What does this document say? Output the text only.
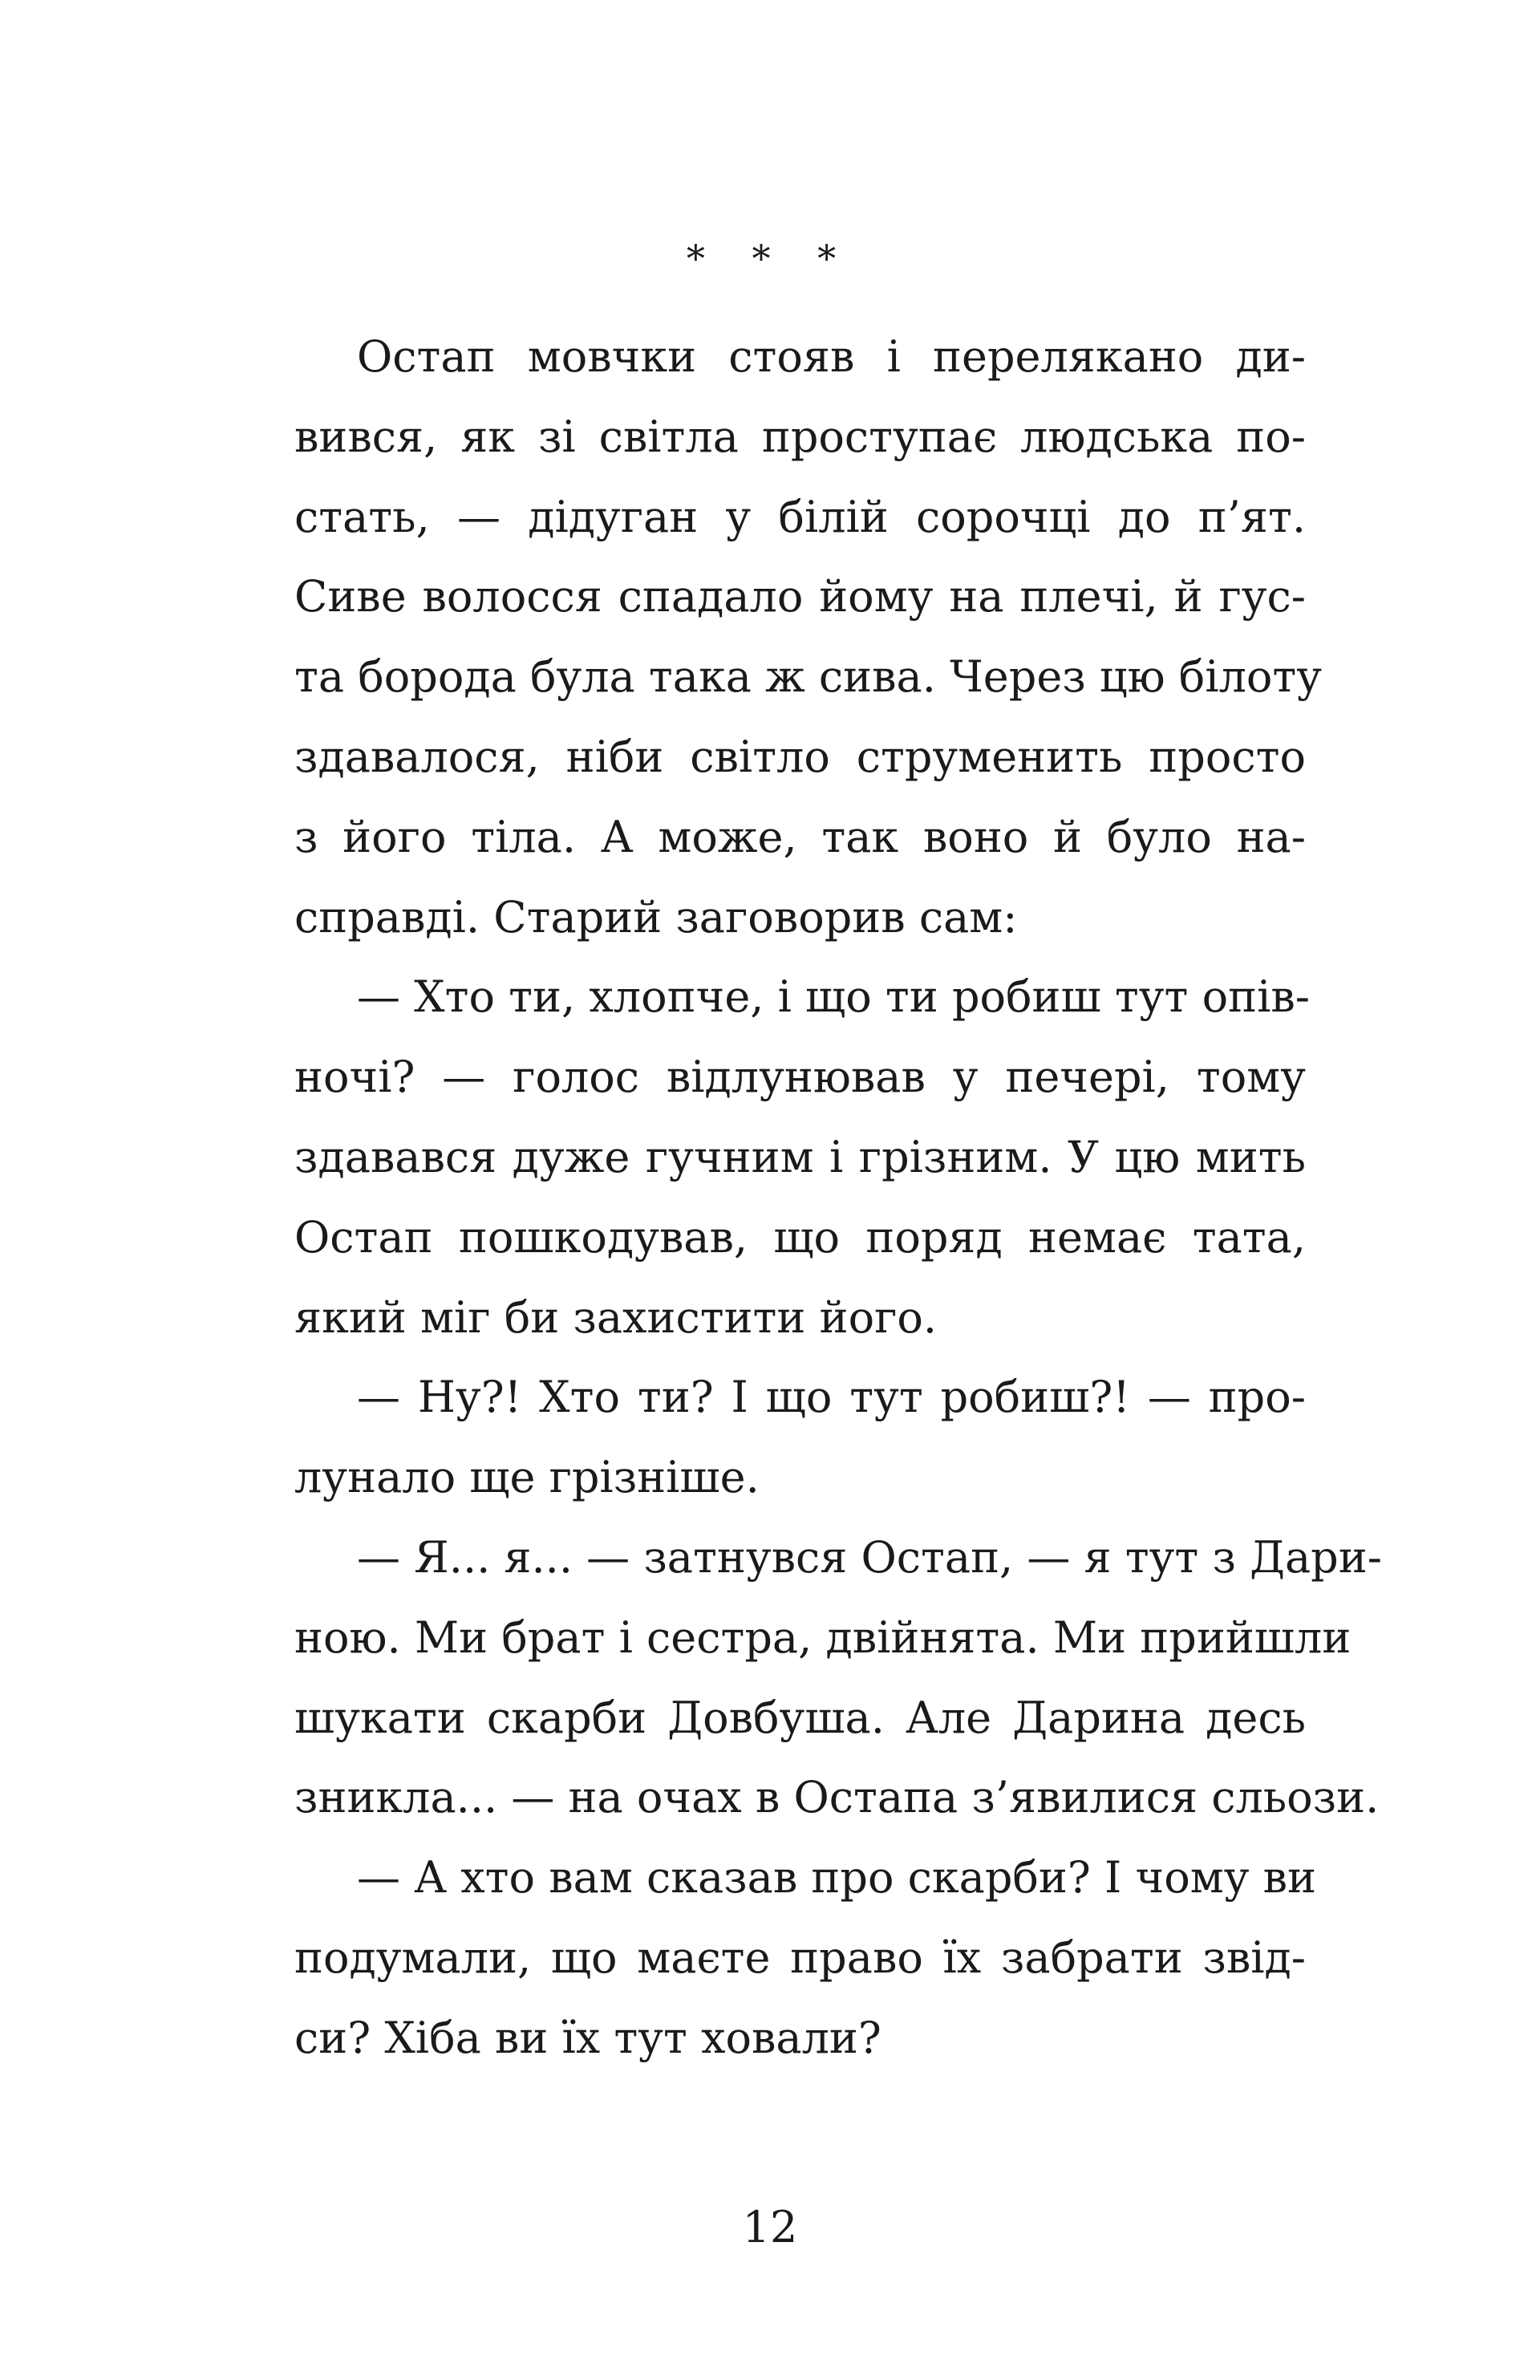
* * *
Остап мовчки стояв і перелякано ди-
вився, як зі світла проступає людська по-
стать, — дідуган у білій сорочці до п’ят.
Сиве волосся спадало йому на плечі, й гус-
та борода була така ж сива. Через цю білоту
здавалося, ніби світло струменить просто
з його тіла. А може, так воно й було на-
справді. Старий заговорив сам:
— Хто ти, хлопче, і що ти робиш тут опів-
ночі? — голос відлунював у печері, тому
здавався дуже гучним і грізним. У цю мить
Остап пошкодував, що поряд немає тата,
який міг би захистити його.
— Ну?! Хто ти? І що тут робиш?! — про-
лунало ще грізніше.
— Я... я... — затнувся Остап, — я тут з Дари-
ною. Ми брат і сестра, двійнята. Ми прийшли
шукати скарби Довбуша. Але Дарина десь
зникла... — на очах в Остапа з’явилися сльози.
— А хто вам сказав про скарби? І чому ви
подумали, що маєте право їх забрати звід-
си? Хіба ви їх тут ховали?
12
